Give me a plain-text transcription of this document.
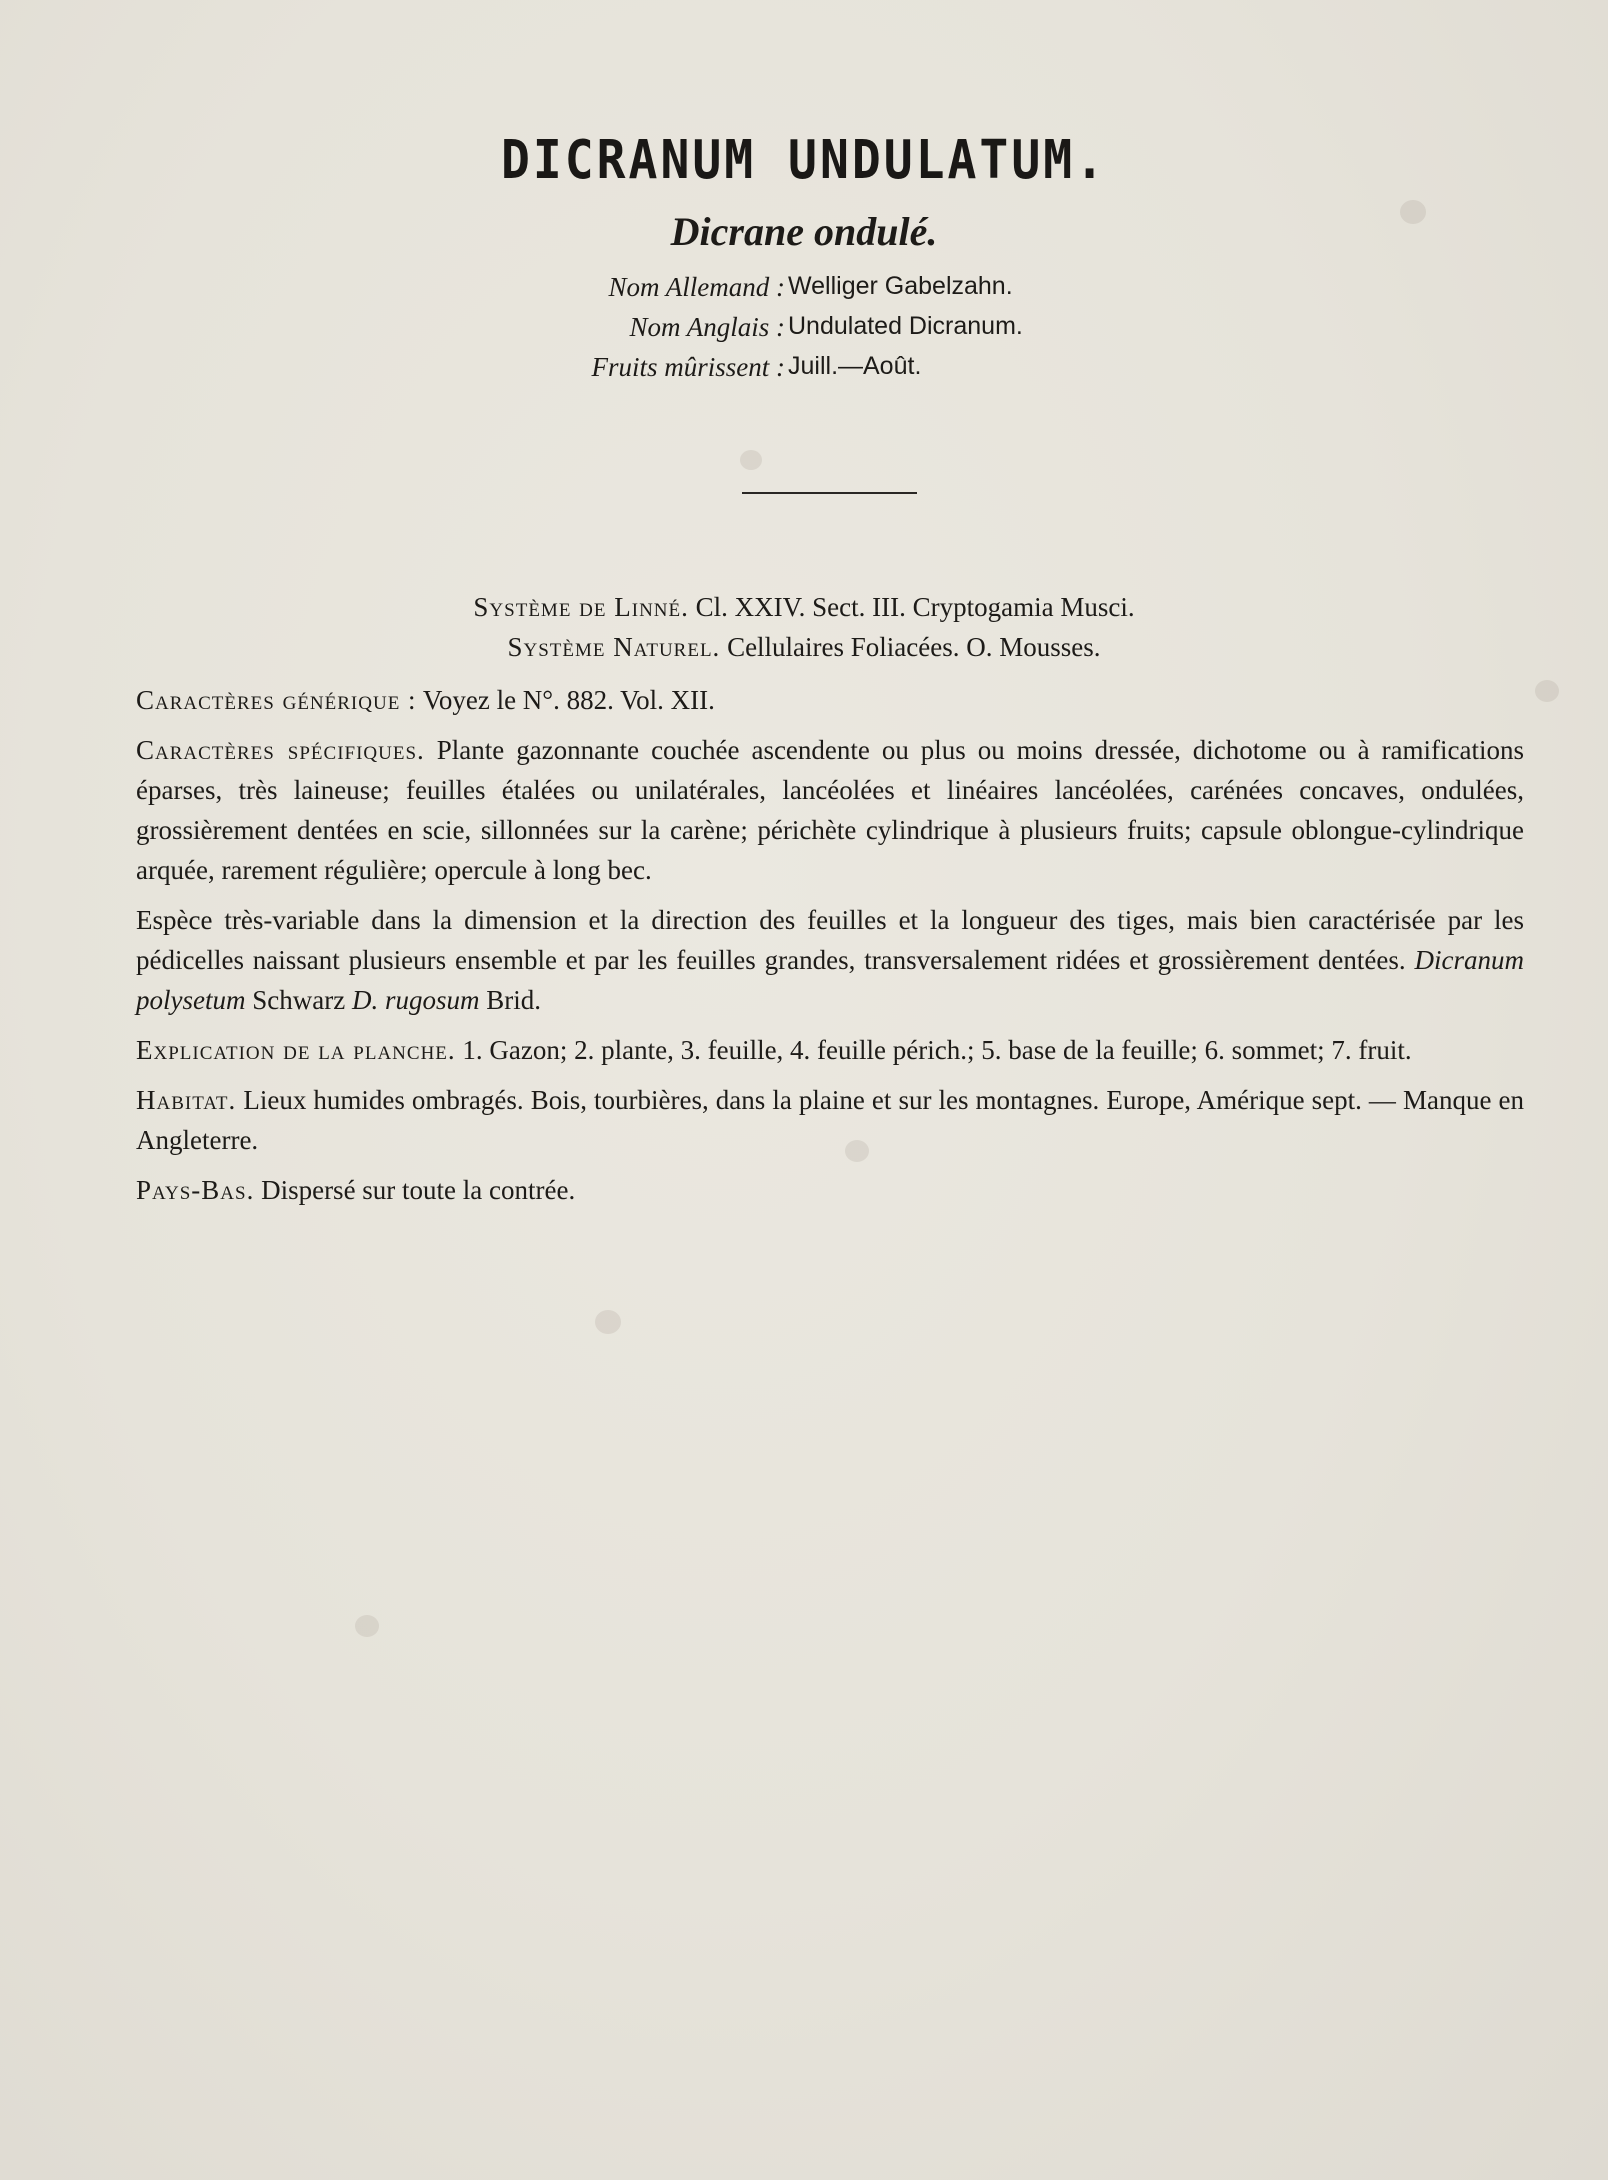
DICRANUM UNDULATUM.
Dicrane ondulé.
Nom Allemand : Welliger Gabelzahn.
Nom Anglais : Undulated Dicranum.
Fruits mûrissent : Juill.—Août.
Système de Linné. Cl. XXIV. Sect. III. Cryptogamia Musci.
Système Naturel. Cellulaires Foliacées. O. Mousses.

Caractères générique : Voyez le N°. 882. Vol. XII.

Caractères spécifiques. Plante gazonnante couchée ascendente ou plus ou moins dressée, dichotome ou à ramifications éparses, très laineuse; feuilles étalées ou unilatérales, lancéolées et linéaires lancéolées, carénées concaves, ondulées, grossièrement dentées en scie, sillonnées sur la carène; périchète cylindrique à plusieurs fruits; capsule oblongue-cylindrique arquée, rarement régulière; opercule à long bec.

Espèce très-variable dans la dimension et la direction des feuilles et la longueur des tiges, mais bien caractérisée par les pédicelles naissant plusieurs ensemble et par les feuilles grandes, transversalement ridées et grossièrement dentées. Dicranum polysetum Schwarz D. rugosum Brid.

Explication de la planche. 1. Gazon; 2. plante, 3. feuille, 4. feuille périch.; 5. base de la feuille; 6. sommet; 7. fruit.

Habitat. Lieux humides ombragés. Bois, tourbières, dans la plaine et sur les montagnes. Europe, Amérique sept. — Manque en Angleterre.

Pays-Bas. Dispersé sur toute la contrée.
